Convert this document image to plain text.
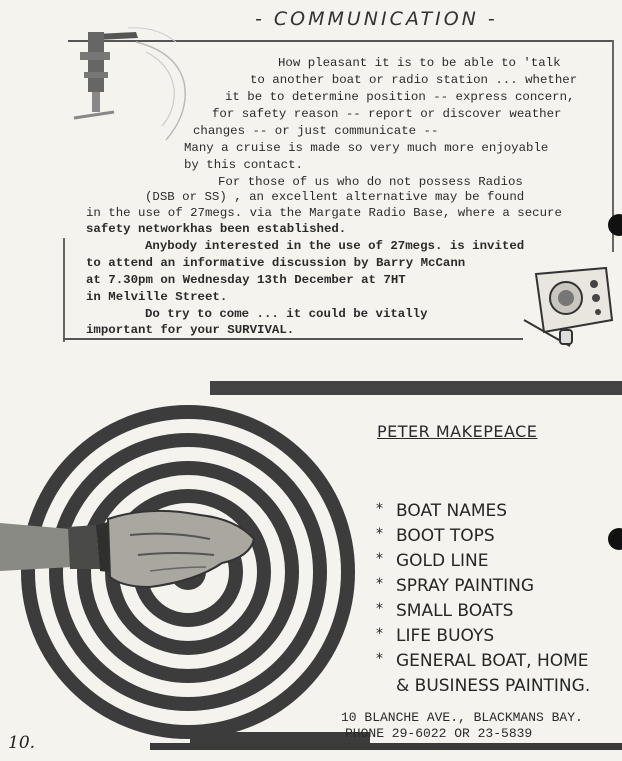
- COMMUNICATION -
How pleasant it is to be able to 'talk
to another boat or radio station ... whether
it be to determine position -- express concern,
for safety reason -- report or discover weather
changes -- or just communicate --
Many a cruise is made so very much more enjoyable
by this contact.
For those of us who do not possess Radios
(DSB or SS) , an excellent alternative may be found
in the use of 27megs. via the Margate Radio Base, where a secure
safety networkhas been established.
Anybody interested in the use of 27megs. is invited
to attend an informative discussion by Barry McCann
at 7.30pm on Wednesday 13th December at 7HT
in Melville Street.
Do try to come ... it could be vitally
important for your SURVIVAL.
PETER MAKEPEACE
* BOAT NAMES
* BOOT TOPS
* GOLD LINE
* SPRAY PAINTING
* SMALL BOATS
* LIFE BUOYS
* GENERAL BOAT, HOME
& BUSINESS PAINTING.
10 BLANCHE AVE., BLACKMANS BAY.
PHONE 29-6022 OR 23-5839
10.
